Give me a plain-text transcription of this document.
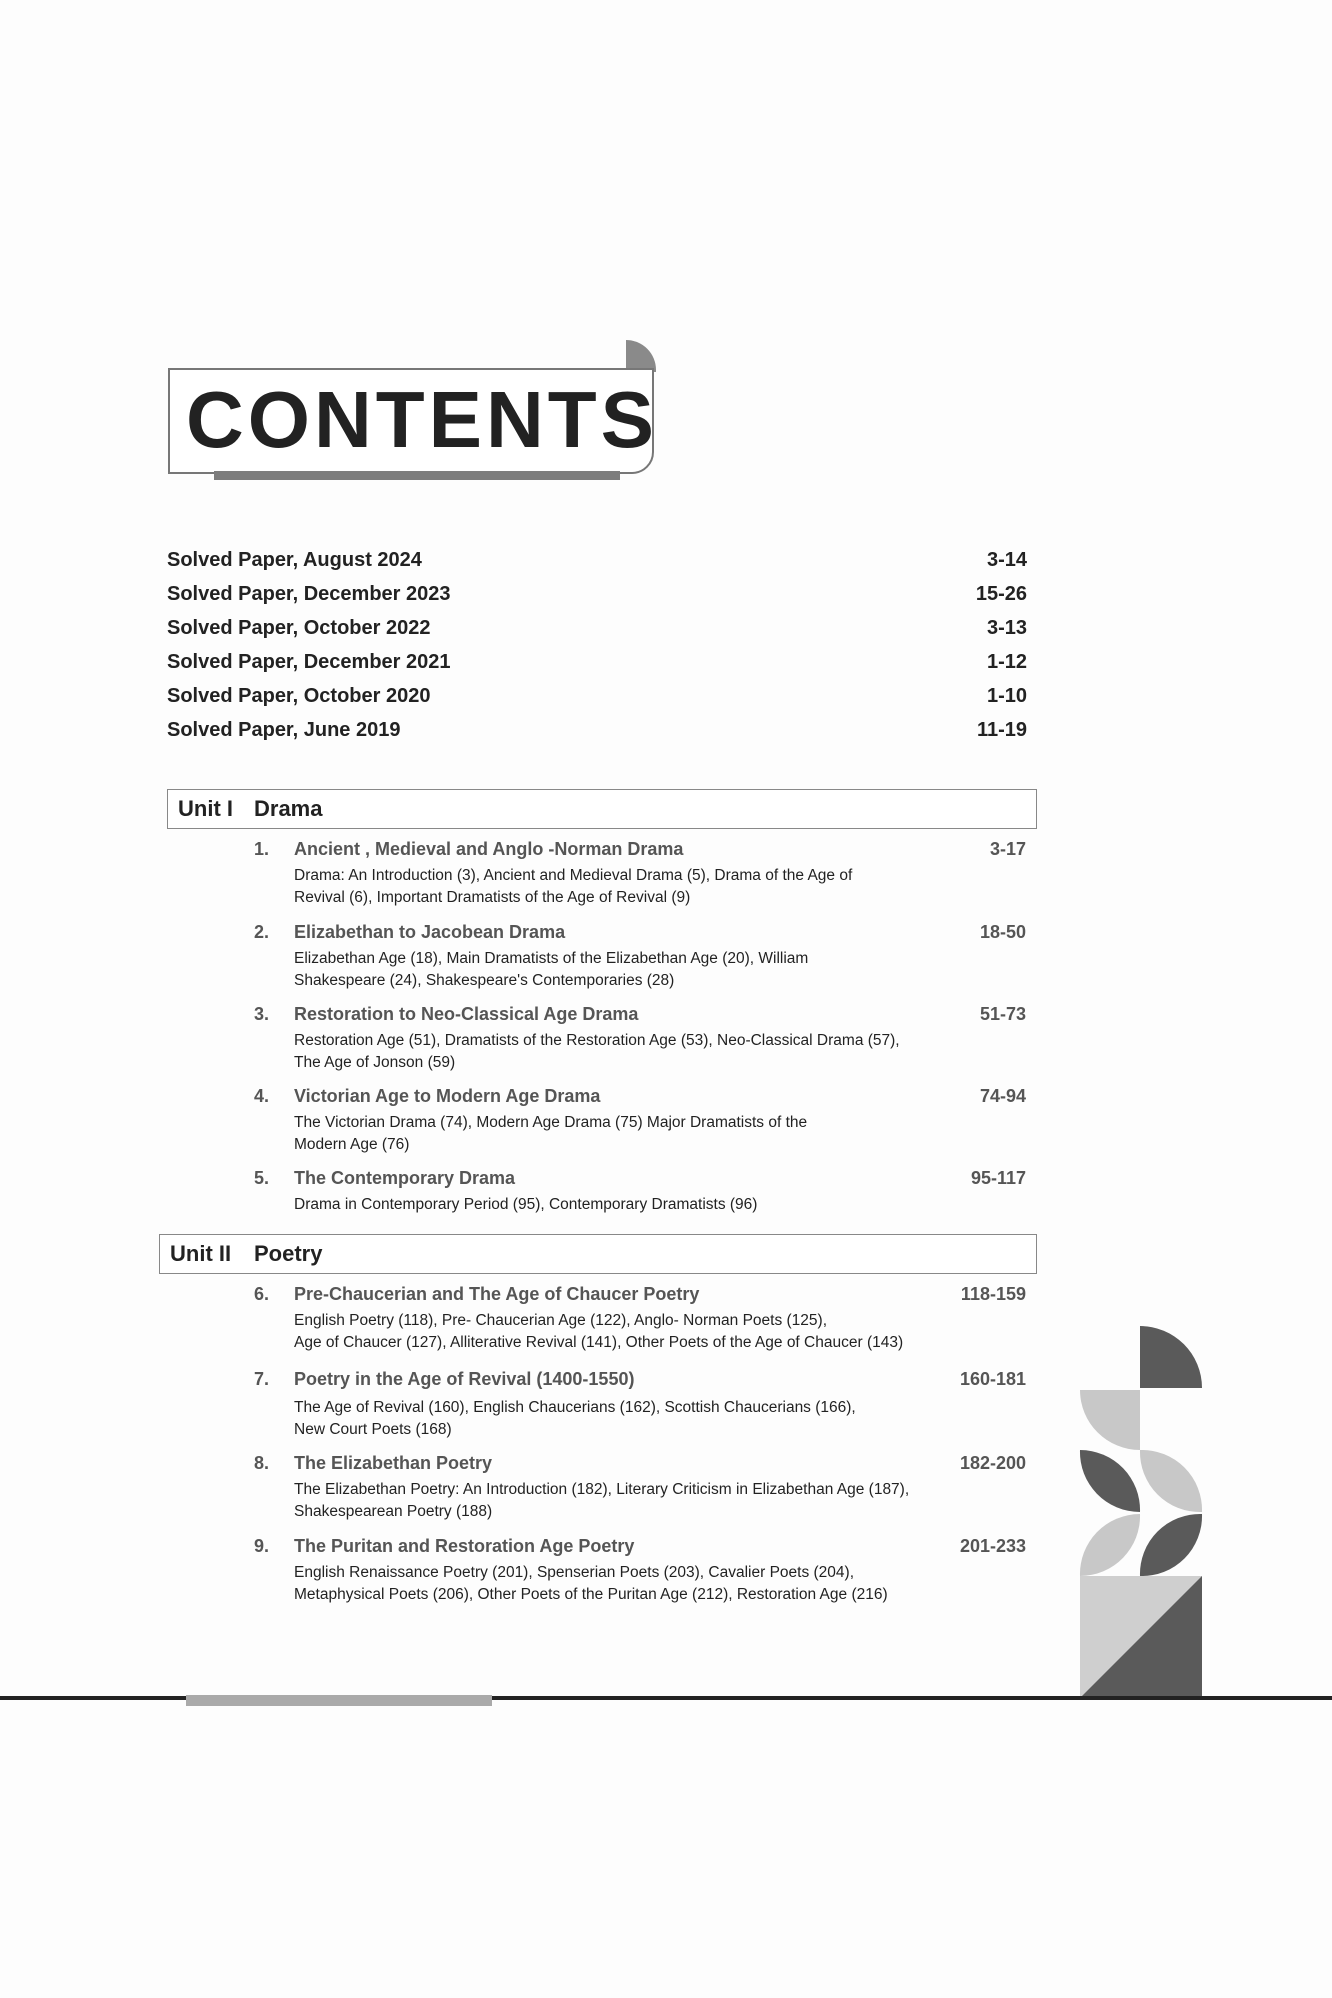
CONTENTS
Solved Paper, August 2024	3-14
Solved Paper, December 2023	15-26
Solved Paper, October 2022	3-13
Solved Paper, December 2021	1-12
Solved Paper, October 2020	1-10
Solved Paper, June 2019	11-19
Unit I Drama
1. Ancient , Medieval and Anglo -Norman Drama	3-17
Drama: An Introduction (3), Ancient and Medieval Drama (5), Drama of the Age of
Revival (6), Important Dramatists of the Age of Revival (9)
2. Elizabethan to Jacobean Drama	18-50
Elizabethan Age (18), Main Dramatists of the Elizabethan Age (20), William
Shakespeare (24), Shakespeare's Contemporaries (28)
3. Restoration to Neo-Classical Age Drama	51-73
Restoration Age (51), Dramatists of the Restoration Age (53), Neo-Classical Drama (57),
The Age of Jonson (59)
4. Victorian Age to Modern Age Drama	74-94
The Victorian Drama (74), Modern Age Drama (75) Major Dramatists of the
Modern Age (76)
5. The Contemporary Drama	95-117
Drama in Contemporary Period (95), Contemporary Dramatists (96)
Unit II Poetry
6. Pre-Chaucerian and The Age of Chaucer Poetry	118-159
English Poetry (118), Pre- Chaucerian Age (122), Anglo- Norman Poets (125),
Age of Chaucer (127), Alliterative Revival (141), Other Poets of the Age of Chaucer (143)
7. Poetry in the Age of Revival (1400-1550)	160-181
The Age of Revival (160), English Chaucerians (162), Scottish Chaucerians (166),
New Court Poets (168)
8. The Elizabethan Poetry	182-200
The Elizabethan Poetry: An Introduction (182), Literary Criticism in Elizabethan Age (187),
Shakespearean Poetry (188)
9. The Puritan and Restoration Age Poetry	201-233
English Renaissance Poetry (201), Spenserian Poets (203), Cavalier Poets (204),
Metaphysical Poets (206), Other Poets of the Puritan Age (212), Restoration Age (216)
